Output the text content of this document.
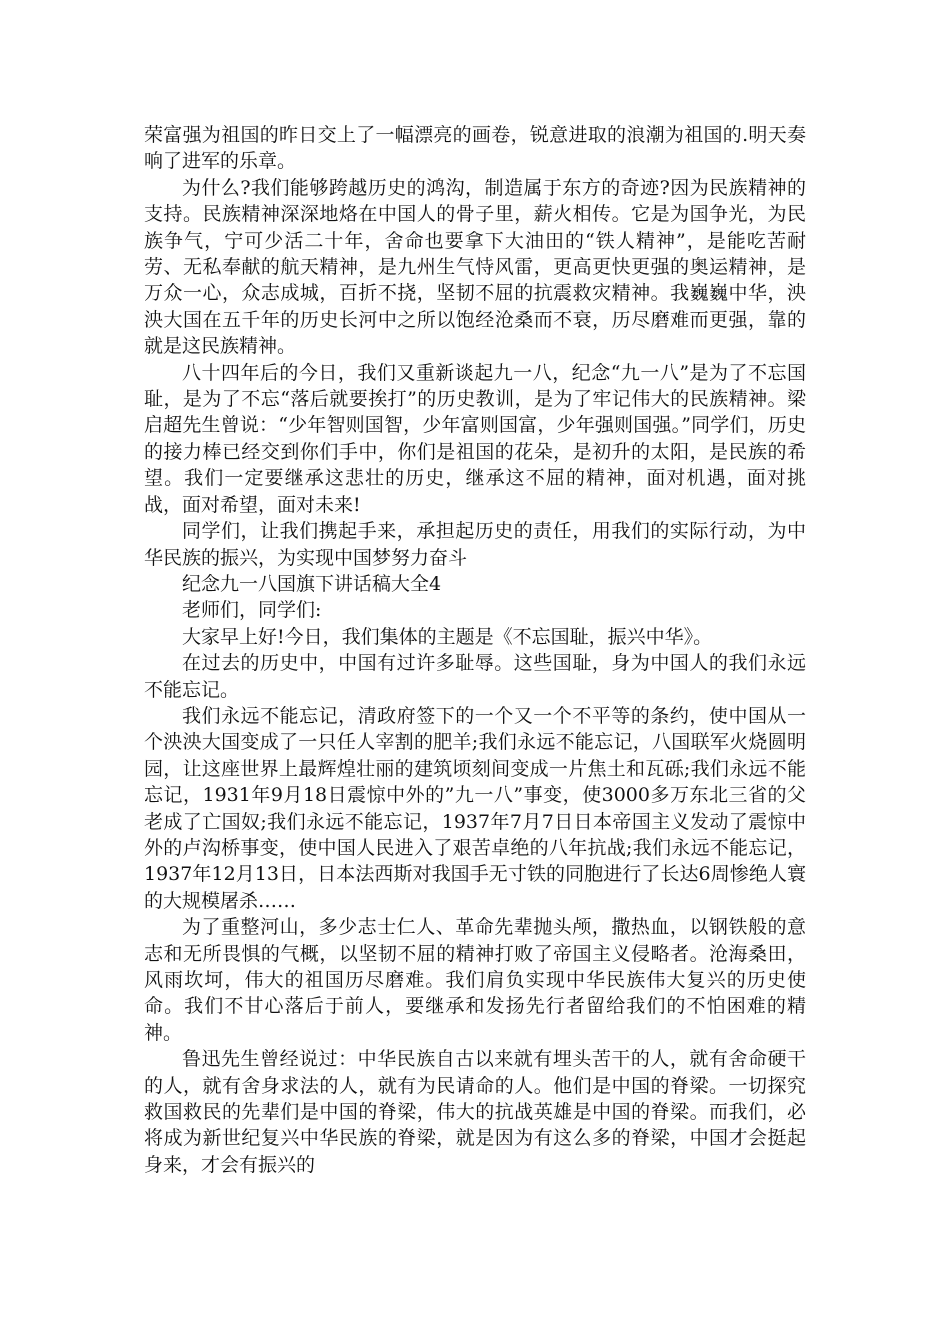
荣富强为祖国的昨日交上了一幅漂亮的画卷，锐意进取的浪潮为祖国的.明天奏响了进军的乐章。

为什么?我们能够跨越历史的鸿沟，制造属于东方的奇迹?因为民族精神的支持。民族精神深深地烙在中国人的骨子里，薪火相传。它是为国争光，为民族争气，宁可少活二十年，舍命也要拿下大油田的“铁人精神”，是能吃苦耐劳、无私奉献的航天精神，是九州生气恃风雷，更高更快更强的奥运精神，是万众一心，众志成城，百折不挠，坚韧不屈的抗震救灾精神。我巍巍中华，泱泱大国在五千年的历史长河中之所以饱经沧桑而不衰，历尽磨难而更强，靠的就是这民族精神。

八十四年后的今日，我们又重新谈起九一八，纪念“九一八”是为了不忘国耻，是为了不忘“落后就要挨打”的历史教训，是为了牢记伟大的民族精神。梁启超先生曾说：“少年智则国智，少年富则国富，少年强则国强。”同学们，历史的接力棒已经交到你们手中，你们是祖国的花朵，是初升的太阳，是民族的希望。我们一定要继承这悲壮的历史，继承这不屈的精神，面对机遇，面对挑战，面对希望，面对未来!

同学们，让我们携起手来，承担起历史的责任，用我们的实际行动，为中华民族的振兴，为实现中国梦努力奋斗

纪念九一八国旗下讲话稿大全4

老师们，同学们:

大家早上好!今日，我们集体的主题是《不忘国耻，振兴中华》。

在过去的历史中，中国有过许多耻辱。这些国耻，身为中国人的我们永远不能忘记。

我们永远不能忘记，清政府签下的一个又一个不平等的条约，使中国从一个泱泱大国变成了一只任人宰割的肥羊;我们永远不能忘记，八国联军火烧圆明园，让这座世界上最辉煌壮丽的建筑顷刻间变成一片焦土和瓦砾;我们永远不能忘记，1931年9月18日震惊中外的”九一八”事变，使3000多万东北三省的父老成了亡国奴;我们永远不能忘记，1937年7月7日日本帝国主义发动了震惊中外的卢沟桥事变，使中国人民进入了艰苦卓绝的八年抗战;我们永远不能忘记，1937年12月13日，日本法西斯对我国手无寸铁的同胞进行了长达6周惨绝人寰的大规模屠杀……

为了重整河山，多少志士仁人、革命先辈抛头颅，撒热血，以钢铁般的意志和无所畏惧的气概，以坚韧不屈的精神打败了帝国主义侵略者。沧海桑田，风雨坎坷，伟大的祖国历尽磨难。我们肩负实现中华民族伟大复兴的历史使命。我们不甘心落后于前人，要继承和发扬先行者留给我们的不怕困难的精神。

鲁迅先生曾经说过：中华民族自古以来就有埋头苦干的人，就有舍命硬干的人，就有舍身求法的人，就有为民请命的人。他们是中国的脊梁。一切探究救国救民的先辈们是中国的脊梁，伟大的抗战英雄是中国的脊梁。而我们，必将成为新世纪复兴中华民族的脊梁，就是因为有这么多的脊梁，中国才会挺起身来，才会有振兴的
